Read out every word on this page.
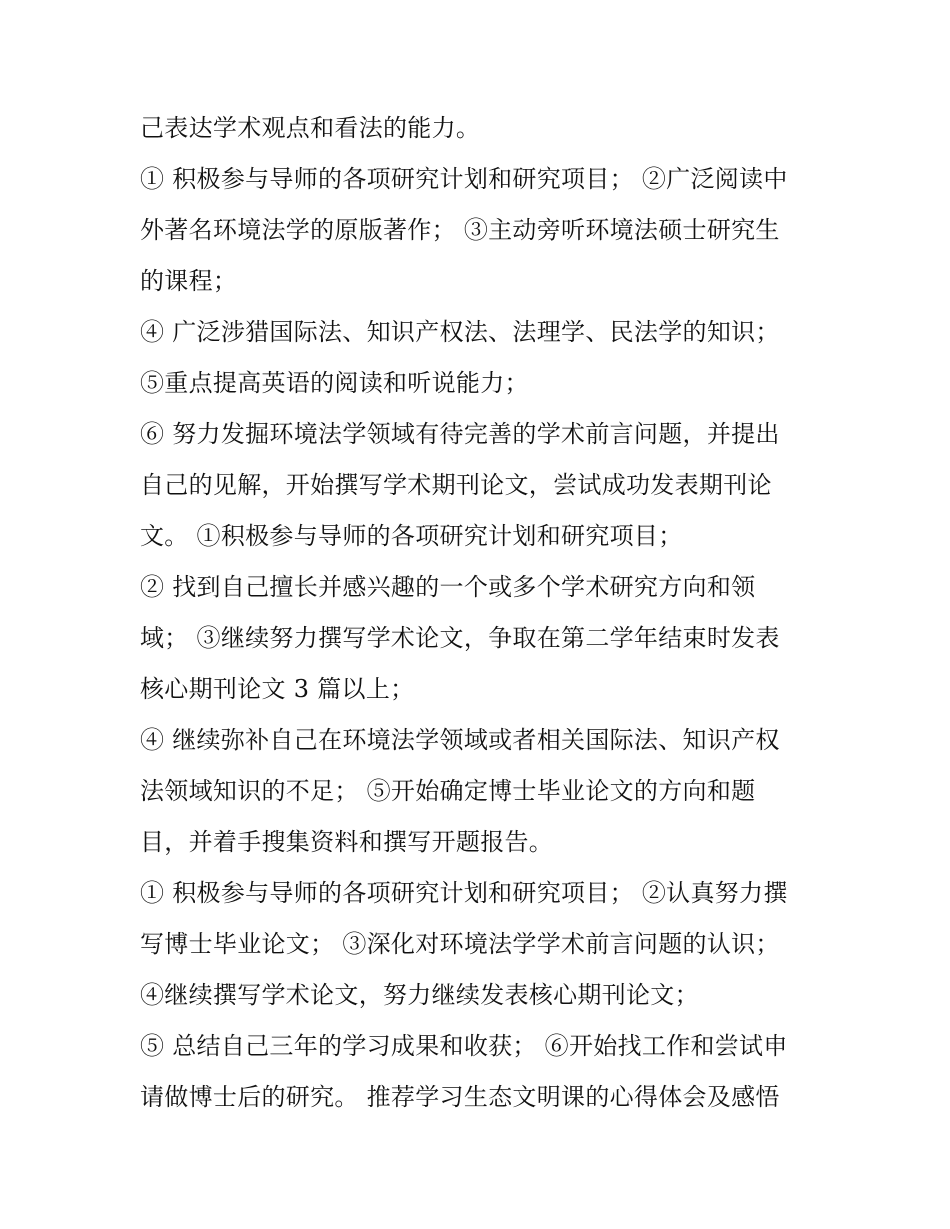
己表达学术观点和看法的能力。
① 积极参与导师的各项研究计划和研究项目； ②广泛阅读中
外著名环境法学的原版著作； ③主动旁听环境法硕士研究生
的课程；
④ 广泛涉猎国际法、知识产权法、法理学、民法学的知识；
⑤重点提高英语的阅读和听说能力；
⑥ 努力发掘环境法学领域有待完善的学术前言问题，并提出
自己的见解，开始撰写学术期刊论文，尝试成功发表期刊论
文。 ①积极参与导师的各项研究计划和研究项目；
② 找到自己擅长并感兴趣的一个或多个学术研究方向和领
域； ③继续努力撰写学术论文，争取在第二学年结束时发表
核心期刊论文 3 篇以上；
④ 继续弥补自己在环境法学领域或者相关国际法、知识产权
法领域知识的不足； ⑤开始确定博士毕业论文的方向和题
目，并着手搜集资料和撰写开题报告。
① 积极参与导师的各项研究计划和研究项目； ②认真努力撰
写博士毕业论文； ③深化对环境法学学术前言问题的认识；
④继续撰写学术论文，努力继续发表核心期刊论文；
⑤ 总结自己三年的学习成果和收获； ⑥开始找工作和尝试申
请做博士后的研究。 推荐学习生态文明课的心得体会及感悟
